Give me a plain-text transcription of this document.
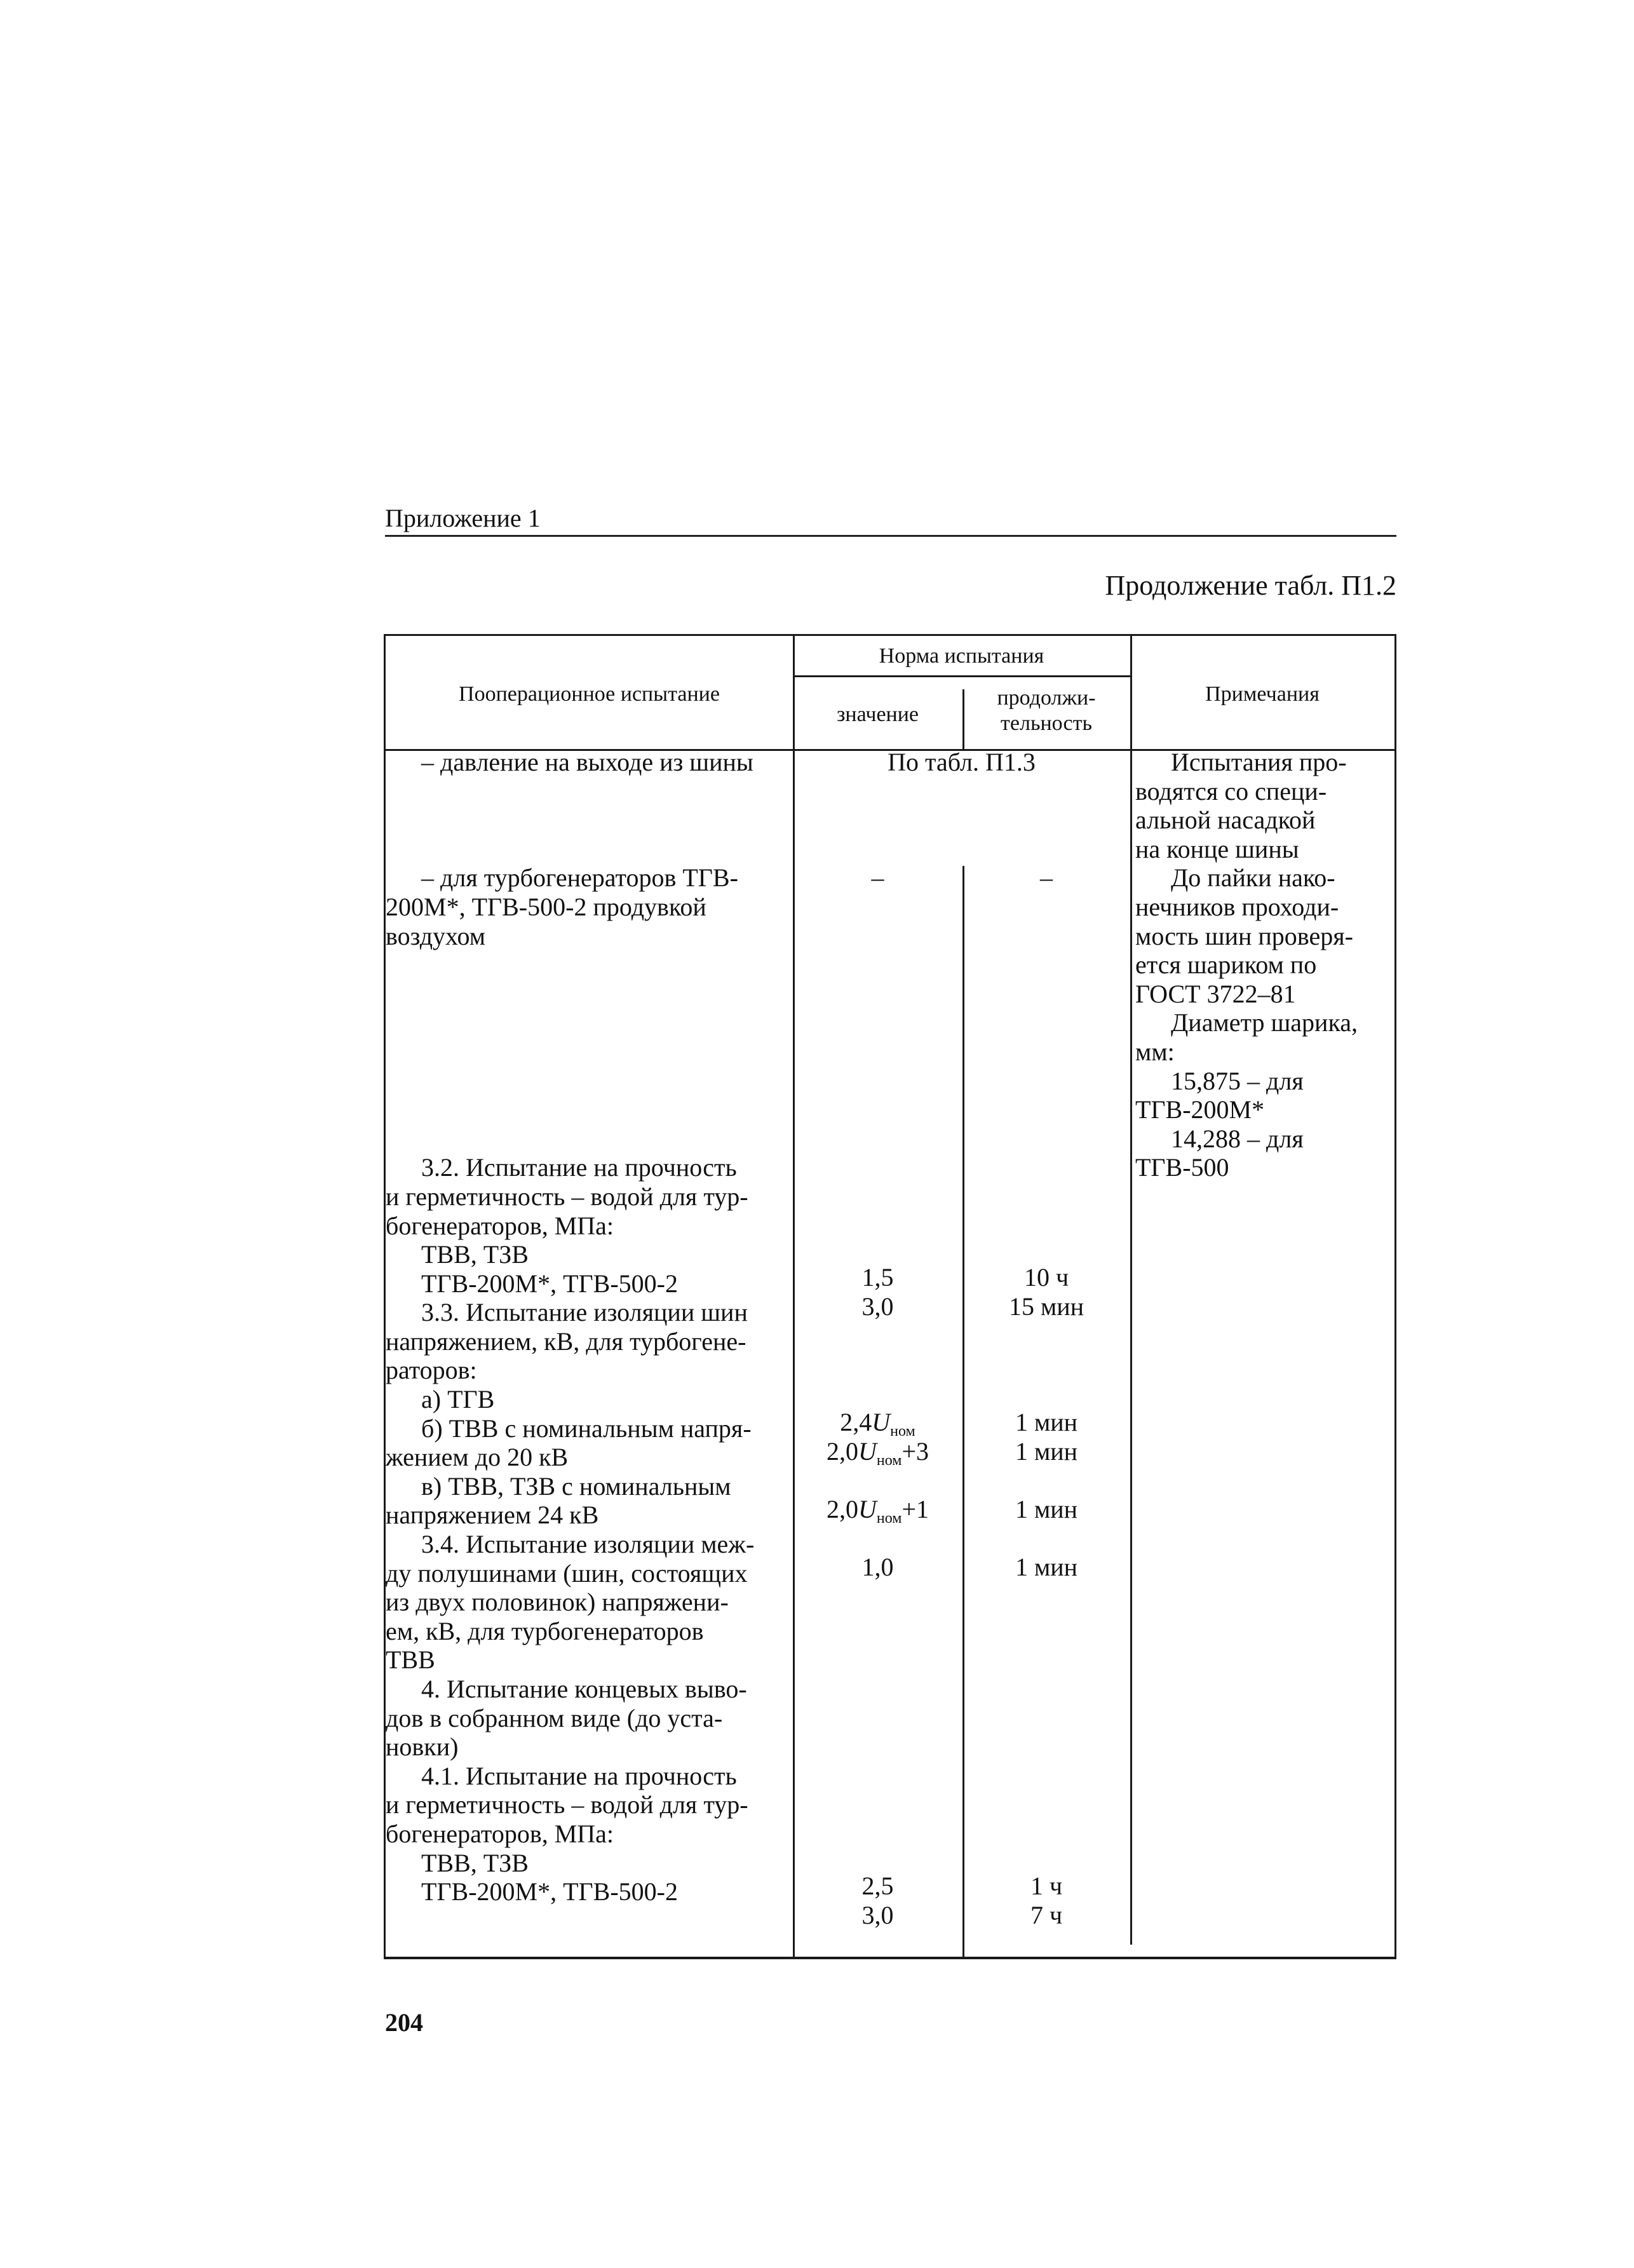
Приложение 1
Продолжение табл. П1.2
Пооперационное испытание
Норма испытания
значение
продолжи-
тельность
Примечания
– давление на выходе из шины

– для турбогенераторов ТГВ-
200М*, ТГВ-500-2 продувкой
воздухом

3.2. Испытание на прочность
и герметичность – водой для тур-
богенераторов, МПа:
ТВВ, ТЗВ
ТГВ-200М*, ТГВ-500-2
3.3. Испытание изоляции шин
напряжением, кВ, для турбогене-
раторов:
а) ТГВ
б) ТВВ с номинальным напря-
жением до 20 кВ
в) ТВВ, ТЗВ с номинальным
напряжением 24 кВ
3.4. Испытание изоляции меж-
ду полушинами (шин, состоящих
из двух половинок) напряжени-
ем, кВ, для турбогенераторов
ТВВ
4. Испытание концевых выво-
дов в собранном виде (до уста-
новки)
4.1. Испытание на прочность
и герметичность – водой для тур-
богенераторов, МПа:
ТВВ, ТЗВ
ТГВ-200М*, ТГВ-500-2
По табл. П1.3
–
1,5
3,0
$2,4U_{ном}$
$2,0U_{ном}+3$
$2,0U_{ном}+1$
1,0
2,5
3,0
–
10 ч
15 мин
1 мин
1 мин
1 мин
1 мин
1 ч
7 ч
Испытания про-
водятся со специ-
альной насадкой
на конце шины
До пайки нако-
нечников проходи-
мость шин проверя-
ется шариком по
ГОСТ 3722–81
Диаметр шарика,
мм:
15,875 – для
ТГВ-200М*
14,288 – для
ТГВ-500
204
